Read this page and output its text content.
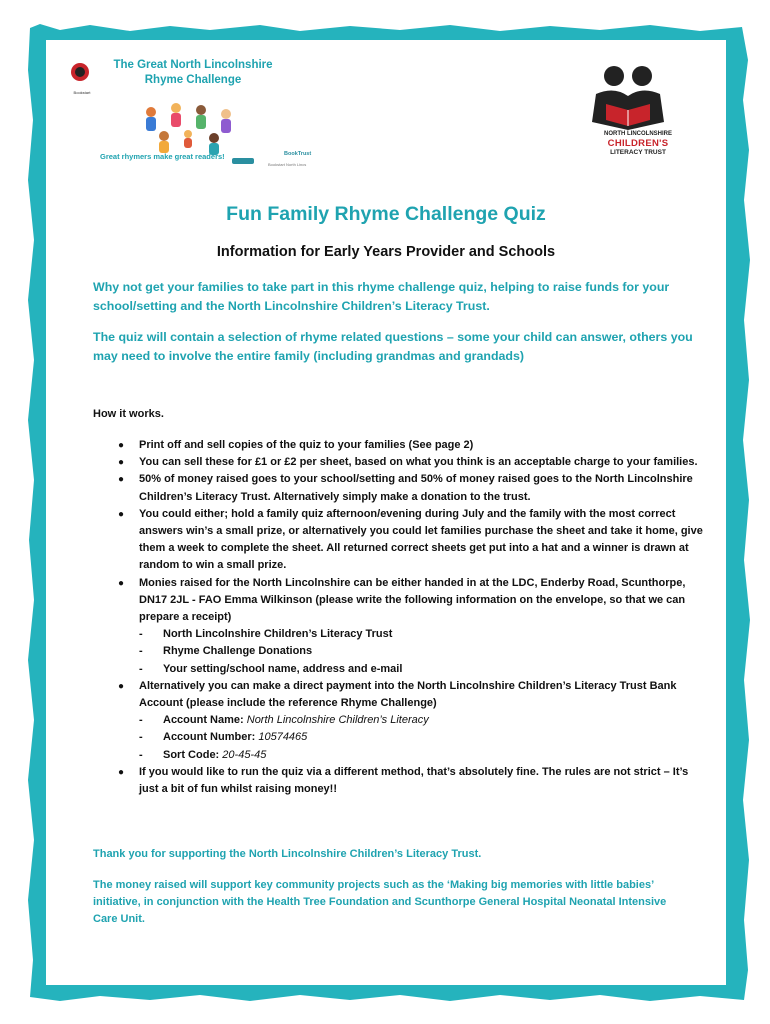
Bookstart
The Great North Lincolnshire
Rhyme Challenge
Great rhymers make great readers!	BookTrust
Bookstart North Lincs
NORTH LINCOLNSHIRE
CHILDREN'S
LITERACY TRUST
Fun Family Rhyme Challenge Quiz
Information for Early Years Provider and Schools
Why not get your families to take part in this rhyme challenge quiz, helping to raise funds for your school/setting and the North Lincolnshire Children’s Literacy Trust.
The quiz will contain a selection of rhyme related questions – some your child can answer, others you may need to involve the entire family (including grandmas and grandads)
How it works.
● Print off and sell copies of the quiz to your families (See page 2)
● You can sell these for £1 or £2 per sheet, based on what you think is an acceptable charge to your families.
● 50% of money raised goes to your school/setting and 50% of money raised goes to the North Lincolnshire Children’s Literacy Trust. Alternatively simply make a donation to the trust.
● You could either; hold a family quiz afternoon/evening during July and the family with the most correct answers win’s a small prize, or alternatively you could let families purchase the sheet and take it home, give them a week to complete the sheet. All returned correct sheets get put into a hat and a winner is drawn at random to win a small prize.
● Monies raised for the North Lincolnshire can be either handed in at the LDC, Enderby Road, Scunthorpe, DN17 2JL - FAO Emma Wilkinson (please write the following information on the envelope, so that we can prepare a receipt)
- North Lincolnshire Children’s Literacy Trust
- Rhyme Challenge Donations
- Your setting/school name, address and e-mail
● Alternatively you can make a direct payment into the North Lincolnshire Children’s Literacy Trust Bank Account (please include the reference Rhyme Challenge)
- Account Name: North Lincolnshire Children’s Literacy
- Account Number: 10574465
- Sort Code: 20-45-45
● If you would like to run the quiz via a different method, that’s absolutely fine. The rules are not strict – It’s just a bit of fun whilst raising money!!
Thank you for supporting the North Lincolnshire Children’s Literacy Trust.
The money raised will support key community projects such as the ‘Making big memories with little babies’ initiative, in conjunction with the Health Tree Foundation and Scunthorpe General Hospital Neonatal Intensive Care Unit.
